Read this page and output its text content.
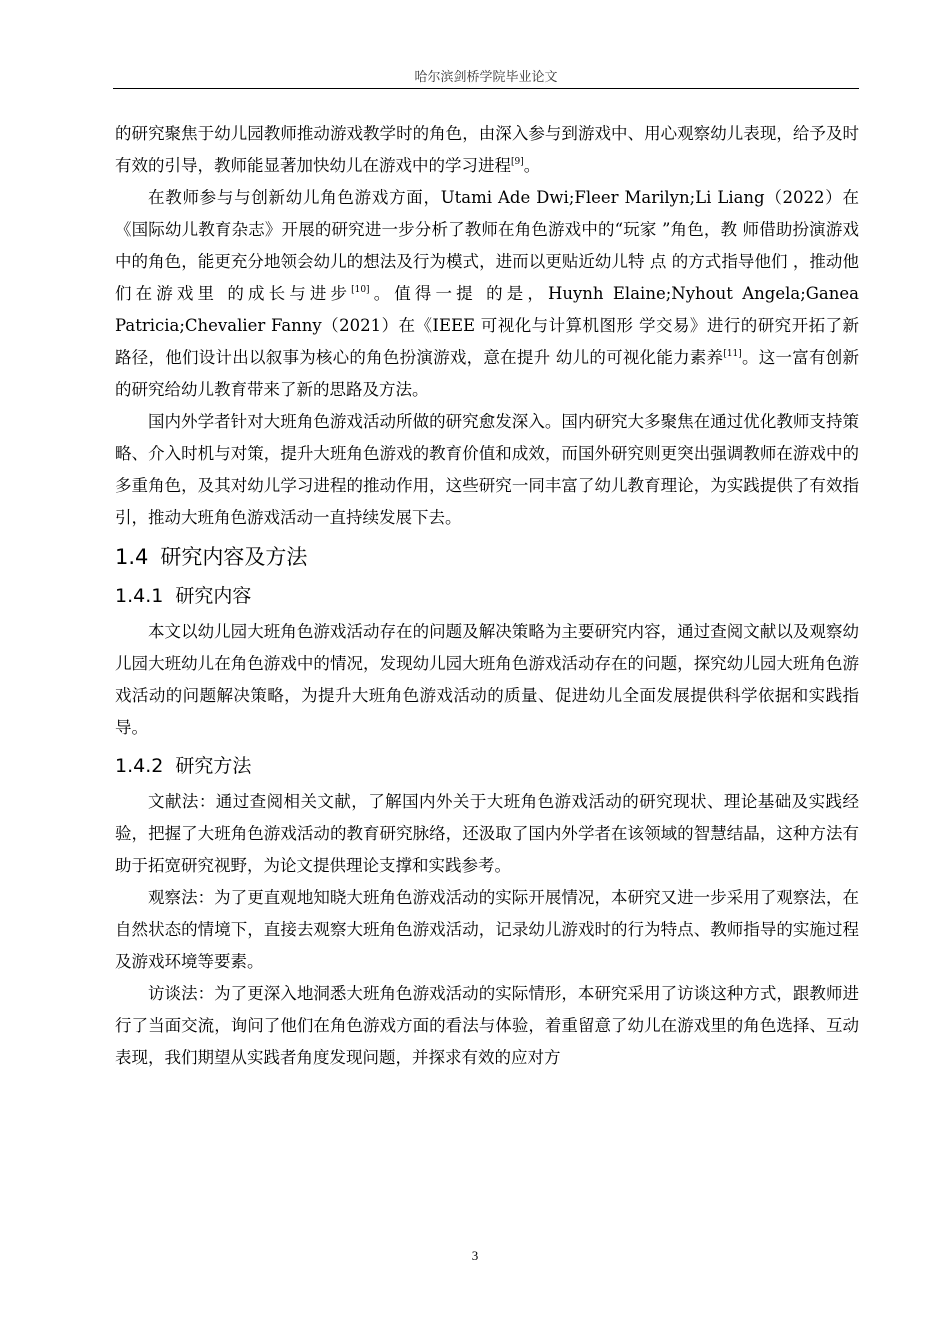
哈尔滨剑桥学院毕业论文

的研究聚焦于幼儿园教师推动游戏教学时的角色，由深入参与到游戏中、用心观察幼儿表现，给予及时有效的引导，教师能显著加快幼儿在游戏中的学习进程[9]。

在教师参与与创新幼儿角色游戏方面，Utami Ade Dwi;Fleer Marilyn;Li Liang（2022）在《国际幼儿教育杂志》开展的研究进一步分析了教师在角色游戏中的“玩家 ”角色，教 师借助扮演游戏中的角色，能更充分地领会幼儿的想法及行为模式，进而以更贴近幼儿特 点 的方式指导他们 ，推动他们在游戏里 的成长与进步[10]。值得一提 的是，Huynh Elaine;Nyhout Angela;Ganea Patricia;Chevalier Fanny（2021）在《IEEE 可视化与计算机图形 学交易》进行的研究开拓了新路径，他们设计出以叙事为核心的角色扮演游戏，意在提升 幼儿的可视化能力素养[11]。这一富有创新的研究给幼儿教育带来了新的思路及方法。

国内外学者针对大班角色游戏活动所做的研究愈发深入。国内研究大多聚焦在通过优化教师支持策略、介入时机与对策，提升大班角色游戏的教育价值和成效，而国外研究则更突出强调教师在游戏中的多重角色，及其对幼儿学习进程的推动作用，这些研究一同丰富了幼儿教育理论，为实践提供了有效指引，推动大班角色游戏活动一直持续发展下去。

1.4 研究内容及方法
1.4.1 研究内容

本文以幼儿园大班角色游戏活动存在的问题及解决策略为主要研究内容，通过查阅文献以及观察幼儿园大班幼儿在角色游戏中的情况，发现幼儿园大班角色游戏活动存在的问题，探究幼儿园大班角色游戏活动的问题解决策略，为提升大班角色游戏活动的质量、促进幼儿全面发展提供科学依据和实践指导。

1.4.2 研究方法

文献法：通过查阅相关文献，了解国内外关于大班角色游戏活动的研究现状、理论基础及实践经验，把握了大班角色游戏活动的教育研究脉络，还汲取了国内外学者在该领域的智慧结晶，这种方法有助于拓宽研究视野，为论文提供理论支撑和实践参考。

观察法：为了更直观地知晓大班角色游戏活动的实际开展情况，本研究又进一步采用了观察法，在自然状态的情境下，直接去观察大班角色游戏活动，记录幼儿游戏时的行为特点、教师指导的实施过程及游戏环境等要素。

访谈法：为了更深入地洞悉大班角色游戏活动的实际情形，本研究采用了访谈这种方式，跟教师进行了当面交流，询问了他们在角色游戏方面的看法与体验，着重留意了幼儿在游戏里的角色选择、互动表现，我们期望从实践者角度发现问题，并探求有效的应对方

3
